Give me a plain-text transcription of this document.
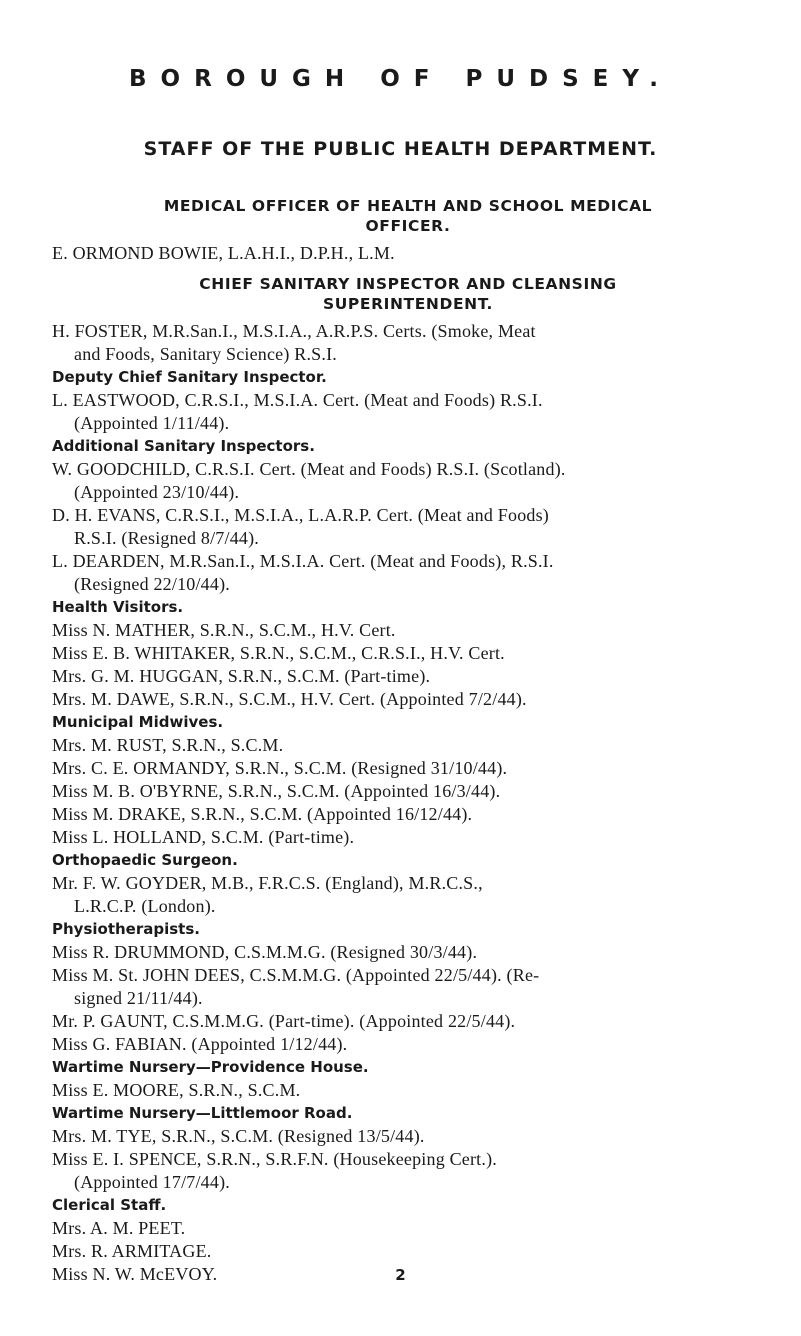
BOROUGH OF PUDSEY.
STAFF OF THE PUBLIC HEALTH DEPARTMENT.
MEDICAL OFFICER OF HEALTH AND SCHOOL MEDICAL
OFFICER.
E. ORMOND BOWIE, L.A.H.I., D.P.H., L.M.
CHIEF SANITARY INSPECTOR AND CLEANSING
SUPERINTENDENT.
H. FOSTER, M.R.San.I., M.S.I.A., A.R.P.S. Certs. (Smoke, Meat
and Foods, Sanitary Science) R.S.I.
Deputy Chief Sanitary Inspector.
L. EASTWOOD, C.R.S.I., M.S.I.A. Cert. (Meat and Foods) R.S.I.
(Appointed 1/11/44).
Additional Sanitary Inspectors.
W. GOODCHILD, C.R.S.I. Cert. (Meat and Foods) R.S.I. (Scotland).
(Appointed 23/10/44).
D. H. EVANS, C.R.S.I., M.S.I.A., L.A.R.P. Cert. (Meat and Foods)
R.S.I. (Resigned 8/7/44).
L. DEARDEN, M.R.San.I., M.S.I.A. Cert. (Meat and Foods), R.S.I.
(Resigned 22/10/44).
Health Visitors.
Miss N. MATHER, S.R.N., S.C.M., H.V. Cert.
Miss E. B. WHITAKER, S.R.N., S.C.M., C.R.S.I., H.V. Cert.
Mrs. G. M. HUGGAN, S.R.N., S.C.M. (Part-time).
Mrs. M. DAWE, S.R.N., S.C.M., H.V. Cert. (Appointed 7/2/44).
Municipal Midwives.
Mrs. M. RUST, S.R.N., S.C.M.
Mrs. C. E. ORMANDY, S.R.N., S.C.M. (Resigned 31/10/44).
Miss M. B. O'BYRNE, S.R.N., S.C.M. (Appointed 16/3/44).
Miss M. DRAKE, S.R.N., S.C.M. (Appointed 16/12/44).
Miss L. HOLLAND, S.C.M. (Part-time).
Orthopaedic Surgeon.
Mr. F. W. GOYDER, M.B., F.R.C.S. (England), M.R.C.S.,
L.R.C.P. (London).
Physiotherapists.
Miss R. DRUMMOND, C.S.M.M.G. (Resigned 30/3/44).
Miss M. St. JOHN DEES, C.S.M.M.G. (Appointed 22/5/44). (Re-
signed 21/11/44).
Mr. P. GAUNT, C.S.M.M.G. (Part-time). (Appointed 22/5/44).
Miss G. FABIAN. (Appointed 1/12/44).
Wartime Nursery—Providence House.
Miss E. MOORE, S.R.N., S.C.M.
Wartime Nursery—Littlemoor Road.
Mrs. M. TYE, S.R.N., S.C.M. (Resigned 13/5/44).
Miss E. I. SPENCE, S.R.N., S.R.F.N. (Housekeeping Cert.).
(Appointed 17/7/44).
Clerical Staff.
Mrs. A. M. PEET.
Mrs. R. ARMITAGE.
Miss N. W. McEVOY.	2
